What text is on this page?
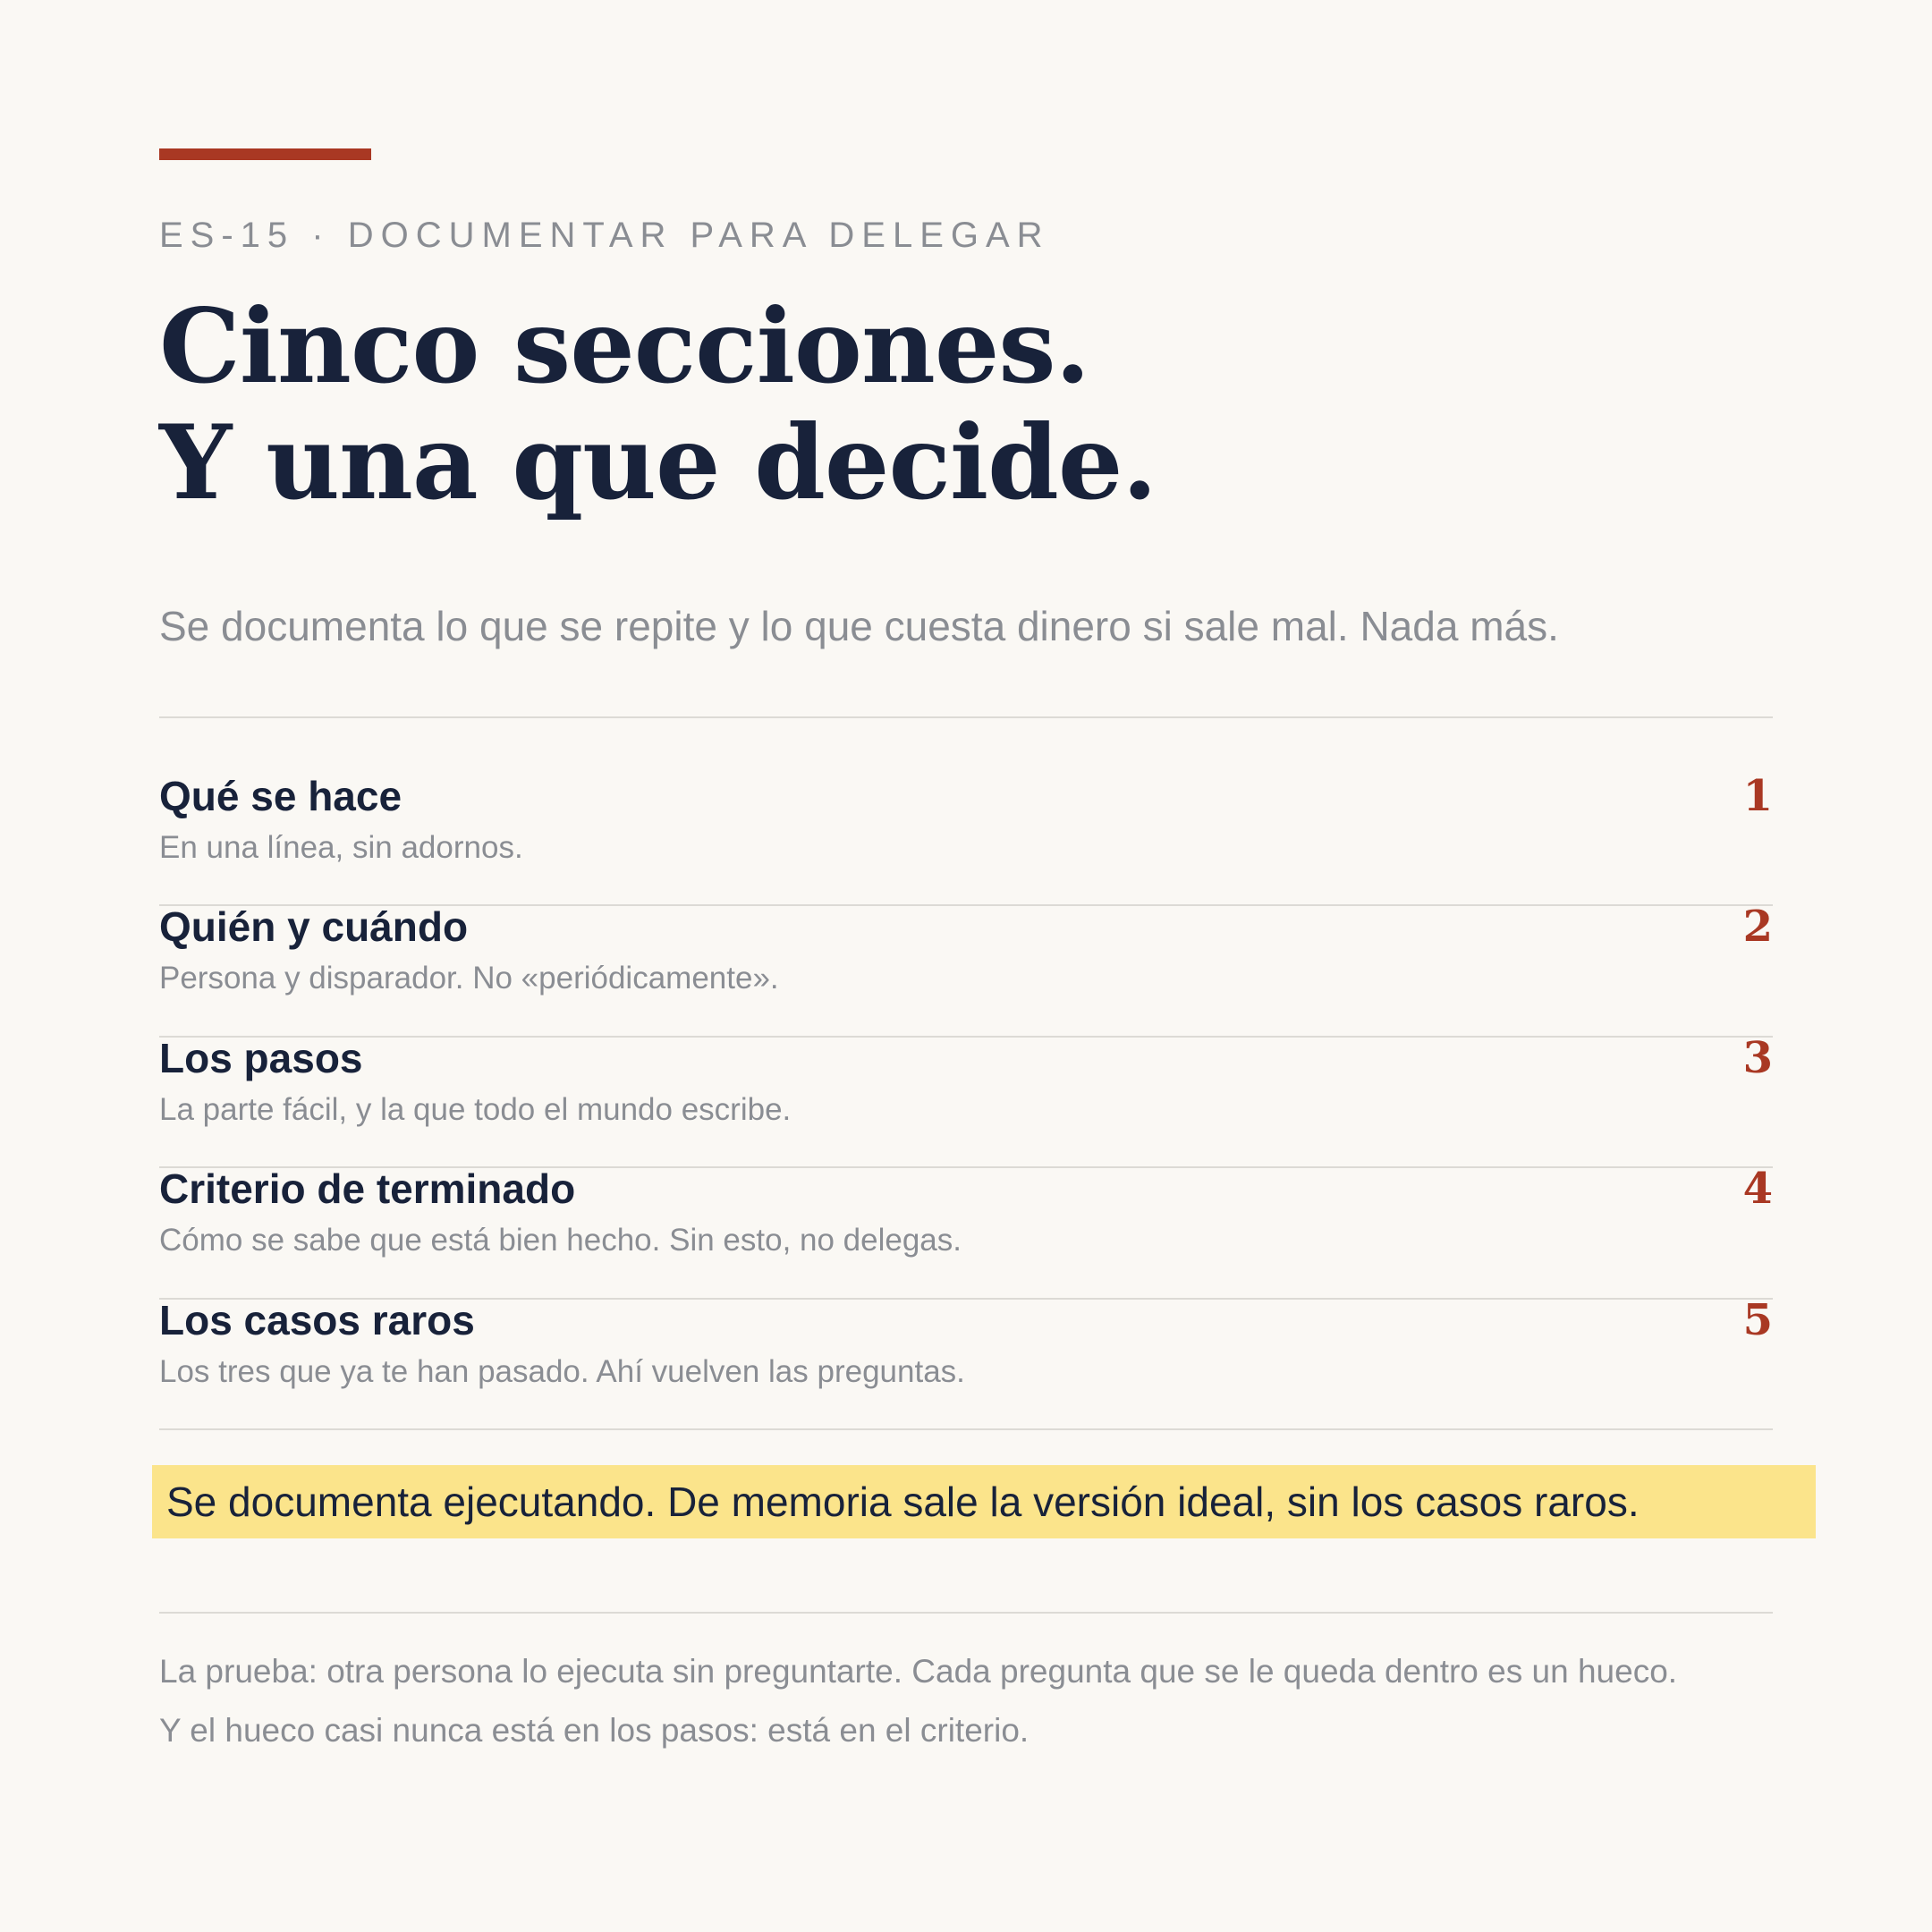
ES-15 · DOCUMENTAR PARA DELEGAR
Cinco secciones.
Y una que decide.
Se documenta lo que se repite y lo que cuesta dinero si sale mal. Nada más.
Qué se hace
En una línea, sin adornos.
1
Quién y cuándo
Persona y disparador. No «periódicamente».
2
Los pasos
La parte fácil, y la que todo el mundo escribe.
3
Criterio de terminado
Cómo se sabe que está bien hecho. Sin esto, no delegas.
4
Los casos raros
Los tres que ya te han pasado. Ahí vuelven las preguntas.
5
Se documenta ejecutando. De memoria sale la versión ideal, sin los casos raros.
La prueba: otra persona lo ejecuta sin preguntarte. Cada pregunta que se le queda dentro es un hueco.
Y el hueco casi nunca está en los pasos: está en el criterio.
